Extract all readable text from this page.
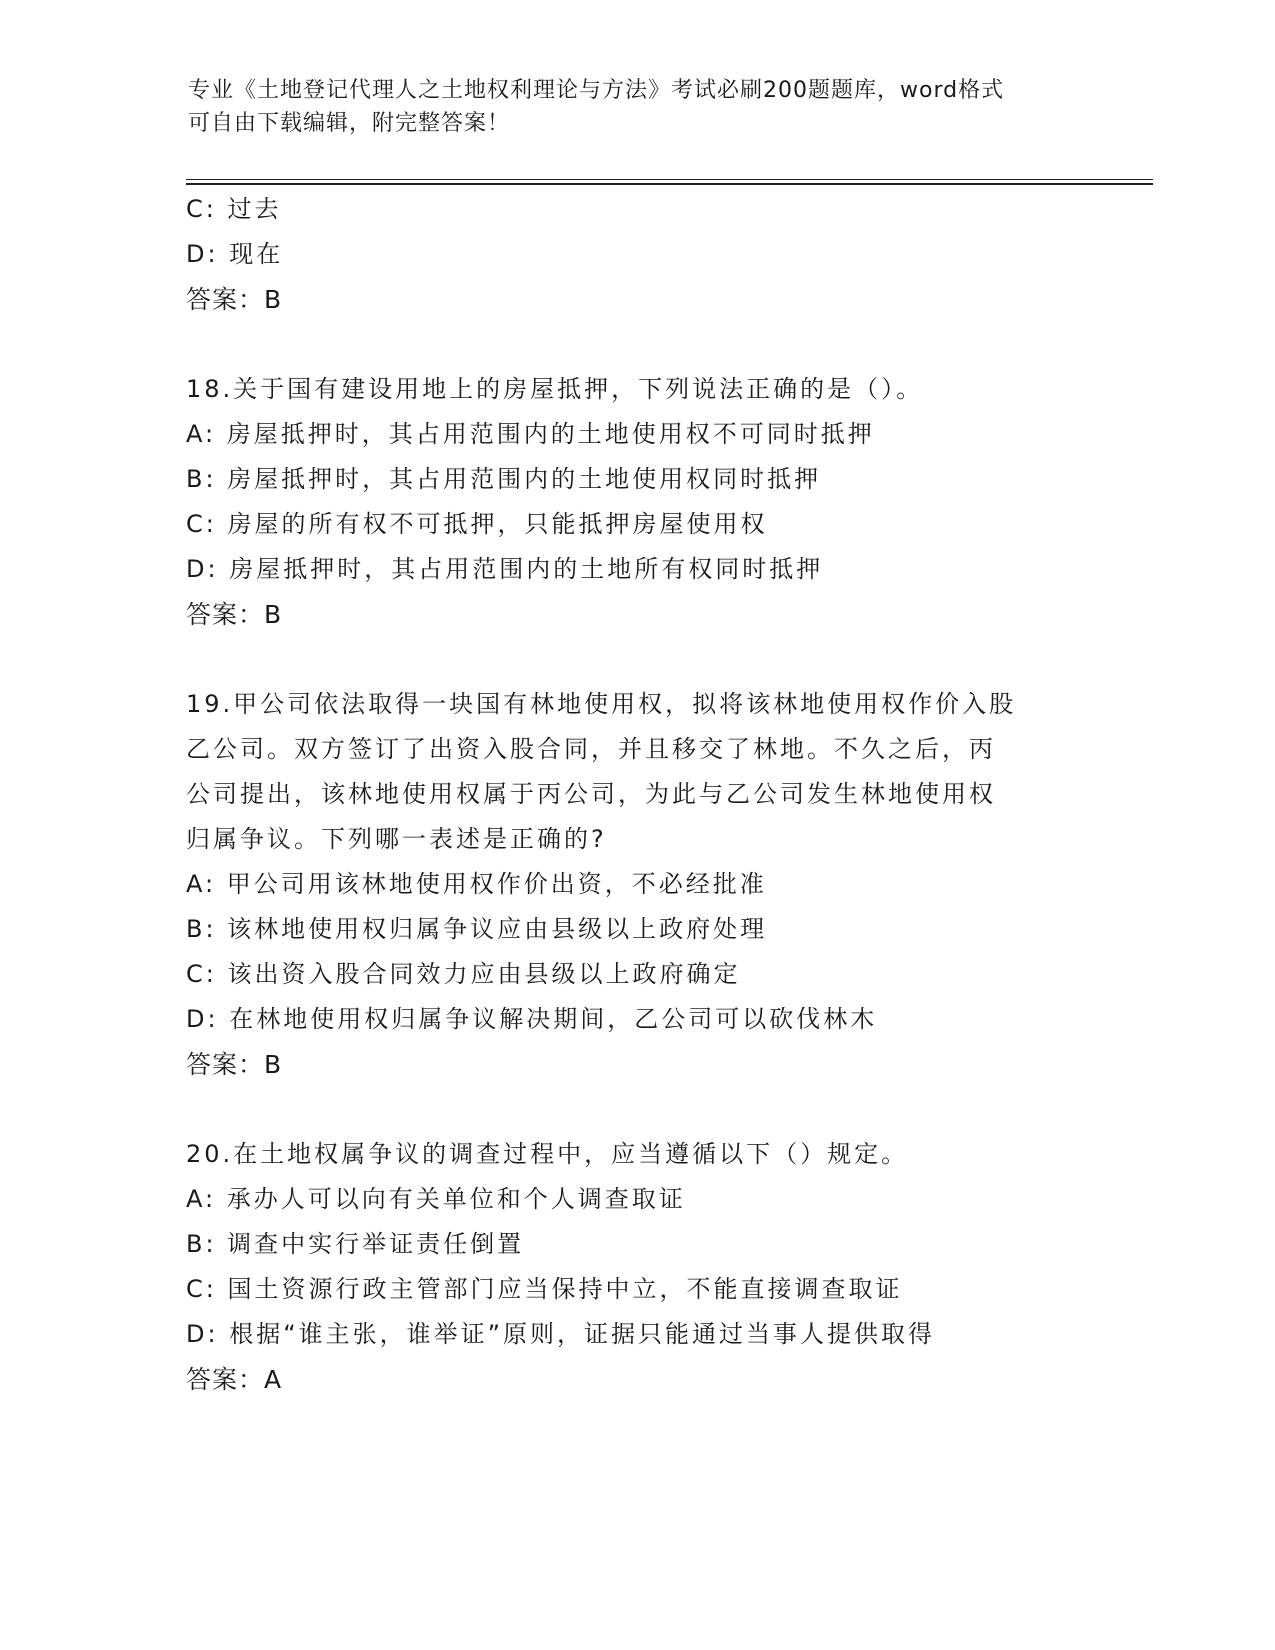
专业《土地登记代理人之土地权利理论与方法》考试必刷200题题库，word格式
可自由下载编辑，附完整答案！
C: 过去
D: 现在
答案：B
18.关于国有建设用地上的房屋抵押，下列说法正确的是（）。
A: 房屋抵押时，其占用范围内的土地使用权不可同时抵押
B: 房屋抵押时，其占用范围内的土地使用权同时抵押
C: 房屋的所有权不可抵押，只能抵押房屋使用权
D: 房屋抵押时，其占用范围内的土地所有权同时抵押
答案：B
19.甲公司依法取得一块国有林地使用权，拟将该林地使用权作价入股
乙公司。双方签订了出资入股合同，并且移交了林地。不久之后，丙
公司提出，该林地使用权属于丙公司，为此与乙公司发生林地使用权
归属争议。下列哪一表述是正确的?
A: 甲公司用该林地使用权作价出资，不必经批准
B: 该林地使用权归属争议应由县级以上政府处理
C: 该出资入股合同效力应由县级以上政府确定
D: 在林地使用权归属争议解决期间，乙公司可以砍伐林木
答案：B
20.在土地权属争议的调查过程中，应当遵循以下（）规定。
A: 承办人可以向有关单位和个人调查取证
B: 调查中实行举证责任倒置
C: 国土资源行政主管部门应当保持中立，不能直接调查取证
D: 根据“谁主张，谁举证”原则，证据只能通过当事人提供取得
答案：A
